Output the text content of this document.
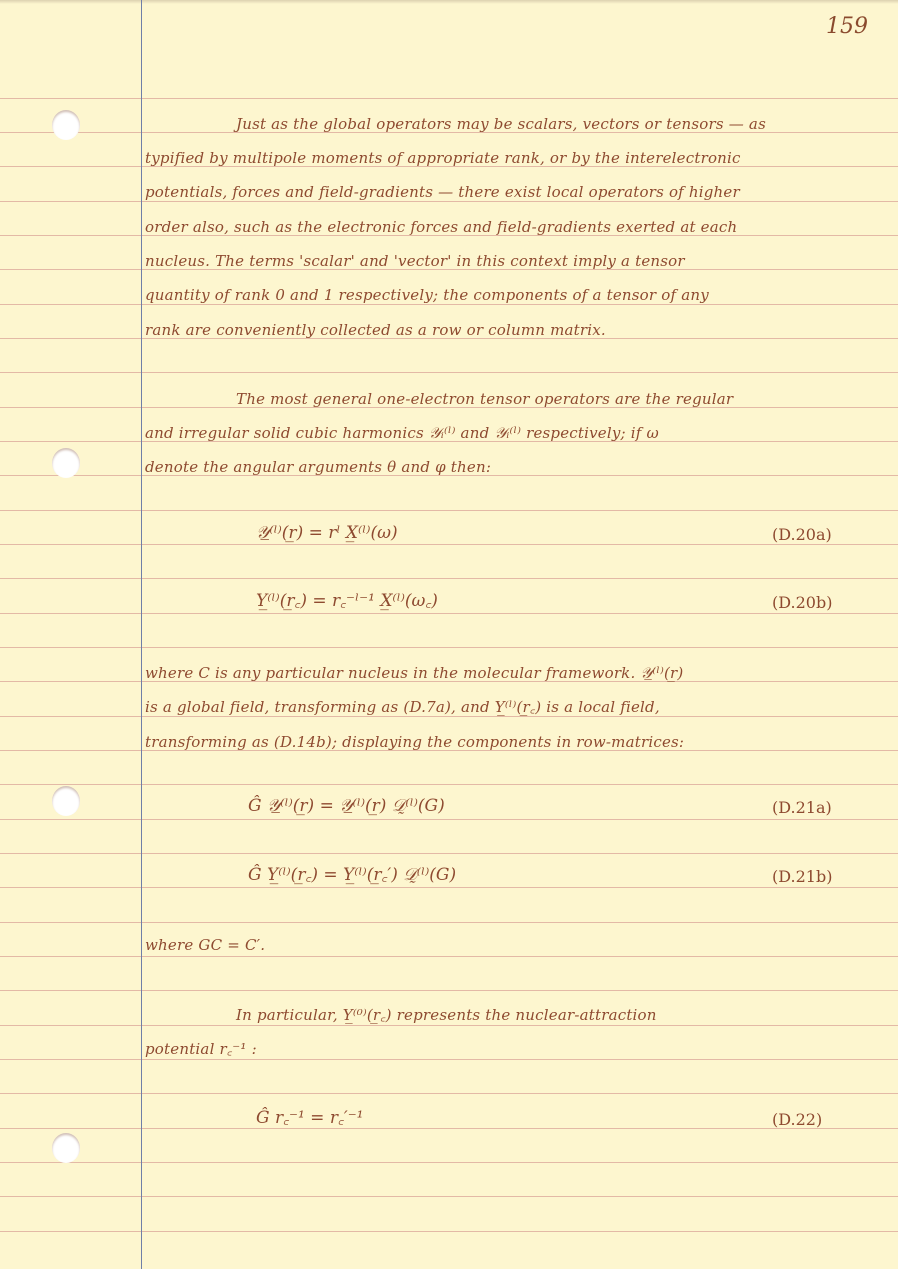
159
Just as the global operators may be scalars, vectors or tensors — as
typified by multipole moments of appropriate rank, or by the interelectronic
potentials, forces and field-gradients — there exist local operators of higher
order also, such as the electronic forces and field-gradients exerted at each
nucleus. The terms 'scalar' and 'vector' in this context imply a tensor
quantity of rank 0 and 1 respectively; the components of a tensor of any
rank are conveniently collected as a row or column matrix.
The most general one-electron tensor operators are the regular
and irregular solid cubic harmonics 𝒴ᵢ⁽ˡ⁾ and 𝒴ᵢ⁽ˡ⁾ respectively; if ω
denote the angular arguments θ and φ then:
𝒴̲⁽ˡ⁾(r̲) = rˡ X̲⁽ˡ⁾(ω)	(D.20a)
Υ̲⁽ˡ⁾(r̲꜀) = r꜀⁻ˡ⁻¹ X̲⁽ˡ⁾(ω꜀)	(D.20b)
where C is any particular nucleus in the molecular framework. 𝒴̲⁽ˡ⁾(r̲)
is a global field, transforming as (D.7a), and Υ̲⁽ˡ⁾(r̲꜀) is a local field,
transforming as (D.14b); displaying the components in row-matrices:
Ĝ 𝒴̲⁽ˡ⁾(r̲) = 𝒴̲⁽ˡ⁾(r̲) 𝒟̰⁽ˡ⁾(G)	(D.21a)
Ĝ Υ̲⁽ˡ⁾(r̲꜀) = Υ̲⁽ˡ⁾(r̲꜀′) 𝒟̰⁽ˡ⁾(G)	(D.21b)
where GC = C′.
In particular, Υ̲⁽⁰⁾(r̲꜀) represents the nuclear-attraction
potential r꜀⁻¹ :
Ĝ r꜀⁻¹ = r꜀′⁻¹	(D.22)
